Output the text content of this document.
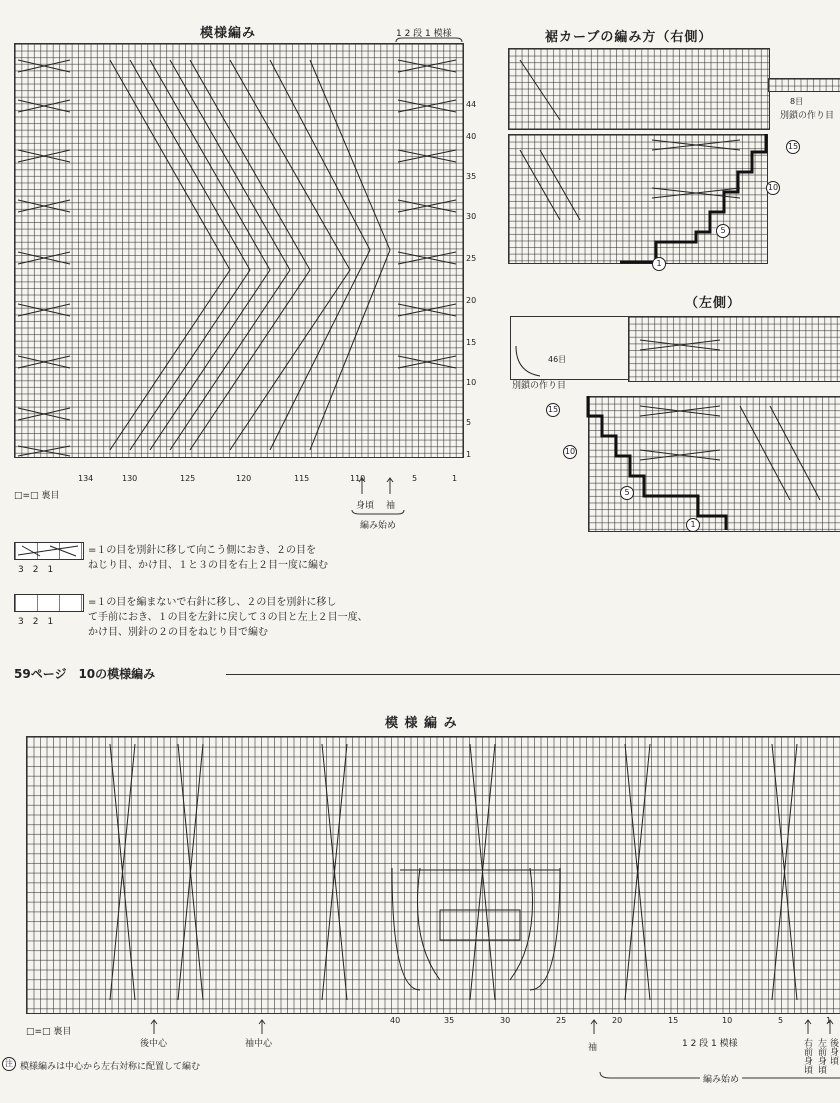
模様編み	1 2 段 1 模様
44
40
35
30
25
20
15
10
5
1
134	130	125	120	115	110	5	1
□=□ 裏目
身頃 袖
編み始め
裾カーブの編み方（右側）
8目
別鎖の作り目
15
10
5
1
（左側）
46目
別鎖の作り目
15
10
5
1
3　2　1
=１の目を別針に移して向こう側におき、２の目を
ねじり目、かけ目、１と３の目を右上２目一度に編む
3　2　1
=１の目を編まないで右針に移し、２の目を別針に移し
て手前におき、１の目を左針に戻して３の目と左上２目一度、
かけ目、別針の２の目をねじり目で編む
59ページ　10の模様編み
模 様 編 み
40	35	30	25	20	15	10	5	1
□=□ 裏目
後中心	袖中心	袖	1 2 段 1 模様	右前身頃 左前身頃 後身頃
編み始め
注 模様編みは中心から左右対称に配置して編む
